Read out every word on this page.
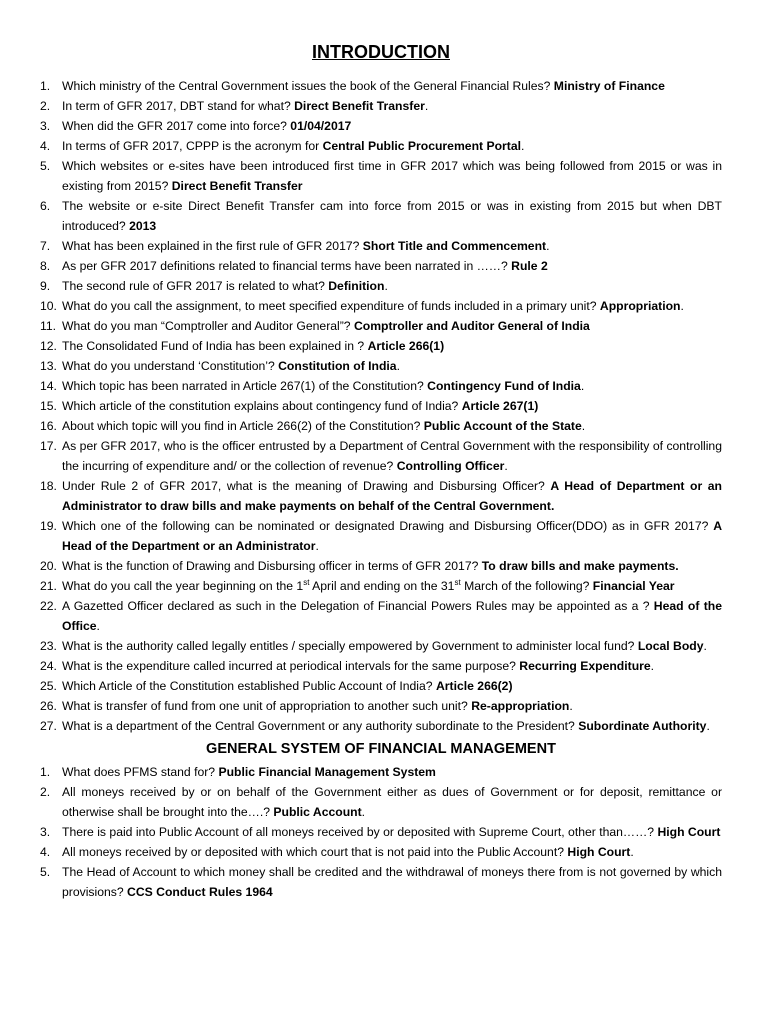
INTRODUCTION
1. Which ministry of the Central Government issues the book of the General Financial Rules? Ministry of Finance
2. In term of GFR 2017, DBT stand for what? Direct Benefit Transfer.
3. When did the GFR 2017 come into force? 01/04/2017
4. In terms of GFR 2017, CPPP is the acronym for Central Public Procurement Portal.
5. Which websites or e-sites have been introduced first time in GFR 2017 which was being followed from 2015 or was in existing from 2015? Direct Benefit Transfer
6. The website or e-site Direct Benefit Transfer cam into force from 2015 or was in existing from 2015 but when DBT introduced? 2013
7. What has been explained in the first rule of GFR 2017? Short Title and Commencement.
8. As per GFR 2017 definitions related to financial terms have been narrated in ……? Rule 2
9. The second rule of GFR 2017 is related to what? Definition.
10. What do you call the assignment, to meet specified expenditure of funds included in a primary unit? Appropriation.
11. What do you man “Comptroller and Auditor General”? Comptroller and Auditor General of India
12. The Consolidated Fund of India has been explained in ? Article 266(1)
13. What do you understand ‘Constitution’? Constitution of India.
14. Which topic has been narrated in Article 267(1) of the Constitution? Contingency Fund of India.
15. Which article of the constitution explains about contingency fund of India? Article 267(1)
16. About which topic will you find in Article 266(2) of the Constitution? Public Account of the State.
17. As per GFR 2017, who is the officer entrusted by a Department of Central Government with the responsibility of controlling the incurring of expenditure and/ or the collection of revenue? Controlling Officer.
18. Under Rule 2 of GFR 2017, what is the meaning of Drawing and Disbursing Officer? A Head of Department or an Administrator to draw bills and make payments on behalf of the Central Government.
19. Which one of the following can be nominated or designated Drawing and Disbursing Officer(DDO) as in GFR 2017? A Head of the Department or an Administrator.
20. What is the function of Drawing and Disbursing officer in terms of GFR 2017? To draw bills and make payments.
21. What do you call the year beginning on the 1st April and ending on the 31st March of the following? Financial Year
22. A Gazetted Officer declared as such in the Delegation of Financial Powers Rules may be appointed as a ? Head of the Office.
23. What is the authority called legally entitles / specially empowered by Government to administer local fund? Local Body.
24. What is the expenditure called incurred at periodical intervals for the same purpose? Recurring Expenditure.
25. Which Article of the Constitution established Public Account of India? Article 266(2)
26. What is transfer of fund from one unit of appropriation to another such unit? Re-appropriation.
27. What is a department of the Central Government or any authority subordinate to the President? Subordinate Authority.
GENERAL SYSTEM OF FINANCIAL MANAGEMENT
1. What does PFMS stand for? Public Financial Management System
2. All moneys received by or on behalf of the Government either as dues of Government or for deposit, remittance or otherwise shall be brought into the….? Public Account.
3. There is paid into Public Account of all moneys received by or deposited with Supreme Court, other than……? High Court
4. All moneys received by or deposited with which court that is not paid into the Public Account? High Court.
5. The Head of Account to which money shall be credited and the withdrawal of moneys there from is not governed by which provisions? CCS Conduct Rules 1964
